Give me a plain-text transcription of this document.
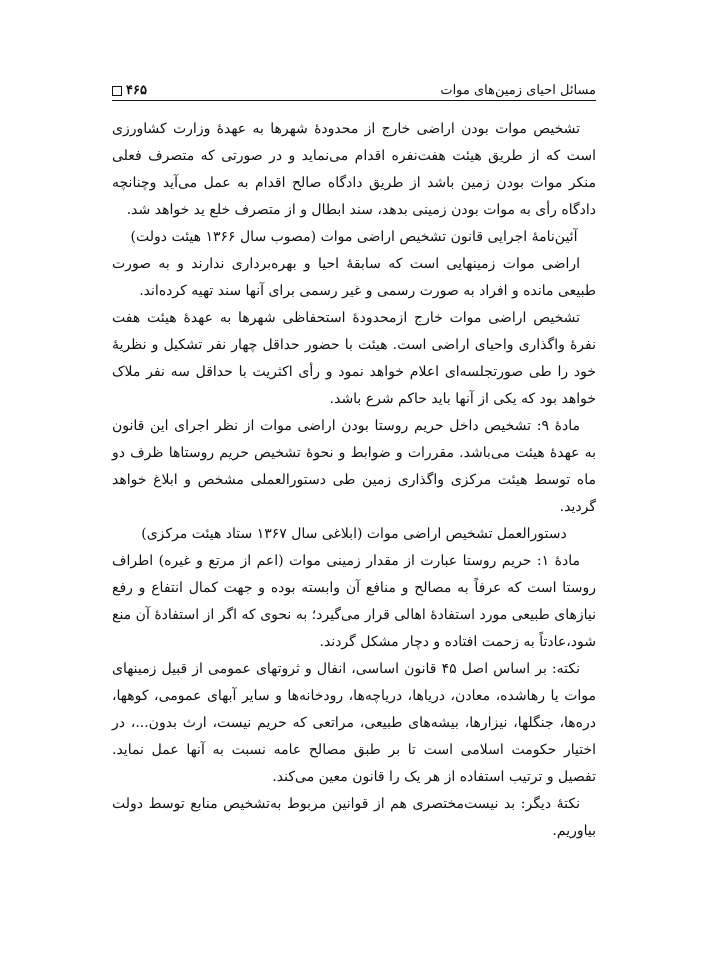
مسائل احیای زمین‌های موات
۴۶۵

تشخیص موات بودن اراضی خارج از محدودهٔ شهرها به عهدهٔ وزارت کشاورزی است که از طریق هیئت هفت‌نفره اقدام می‌نماید و در صورتی که متصرف فعلی منکر موات بودن زمین باشد از طریق دادگاه صالح اقدام به عمل می‌آید وچنانچه دادگاه رأی به موات بودن زمینی بدهد، سند ابطال و از متصرف خلع ید خواهد شد.

آئین‌نامهٔ اجرایی قانون تشخیص اراضی موات (مصوب سال ۱۳۶۶ هیئت دولت)

اراضی موات زمینهایی است که سابقهٔ احیا و بهره‌برداری ندارند و به صورت طبیعی مانده و افراد به صورت رسمی و غیر رسمی برای آنها سند تهیه کرده‌اند.

تشخیص اراضی موات خارج ازمحدودهٔ استحفاظی شهرها به عهدهٔ هیئت هفت نفرهٔ واگذاری واحیای اراضی است. هیئت با حضور حداقل چهار نفر تشکیل و نظریهٔ خود را طی صورتجلسه‌ای اعلام خواهد نمود و رأی اکثریت با حداقل سه نفر ملاک خواهد بود که یکی از آنها باید حاکم شرع باشد.

مادهٔ ۹: تشخیص داخل حریم روستا بودن اراضی موات از نظر اجرای این قانون به عهدهٔ هیئت می‌باشد. مقررات و ضوابط و نحوهٔ تشخیص حریم روستاها ظرف دو ماه توسط هیئت مرکزی واگذاری زمین طی دستورالعملی مشخص و ابلاغ خواهد گردید.

دستورالعمل تشخیص اراضی موات (ابلاغی سال ۱۳۶۷ ستاد هیئت مرکزی)

مادهٔ ۱: حریم روستا عبارت از مقدار زمینی موات (اعم از مرتع و غیره) اطراف روستا است که عرفاً به مصالح و منافع آن وابسته بوده و جهت کمال انتفاع و رفع نیازهای طبیعی مورد استفادهٔ اهالی قرار می‌گیرد؛ به نحوی که اگر از استفادهٔ آن منع شود،عادتاً به زحمت افتاده و دچار مشکل گردند.

نکته: بر اساس اصل ۴۵ قانون اساسی، انفال و ثروتهای عمومی از قبیل زمینهای موات یا رهاشده، معادن، دریاها، دریاچه‌ها، رودخانه‌ها و سایر آبهای عمومی، کوهها، دره‌ها، جنگلها، نیزارها، بیشه‌های طبیعی، مراتعی که حریم نیست، ارث بدون...، در اختیار حکومت اسلامی است تا بر طبق مصالح عامه نسبت به آنها عمل نماید. تفصیل و ترتیب استفاده از هر یک را قانون معین می‌کند.

نکتهٔ دیگر: بد نیست‌مختصری هم از قوانین مربوط به‌تشخیص منابع توسط دولت بیاوریم.
